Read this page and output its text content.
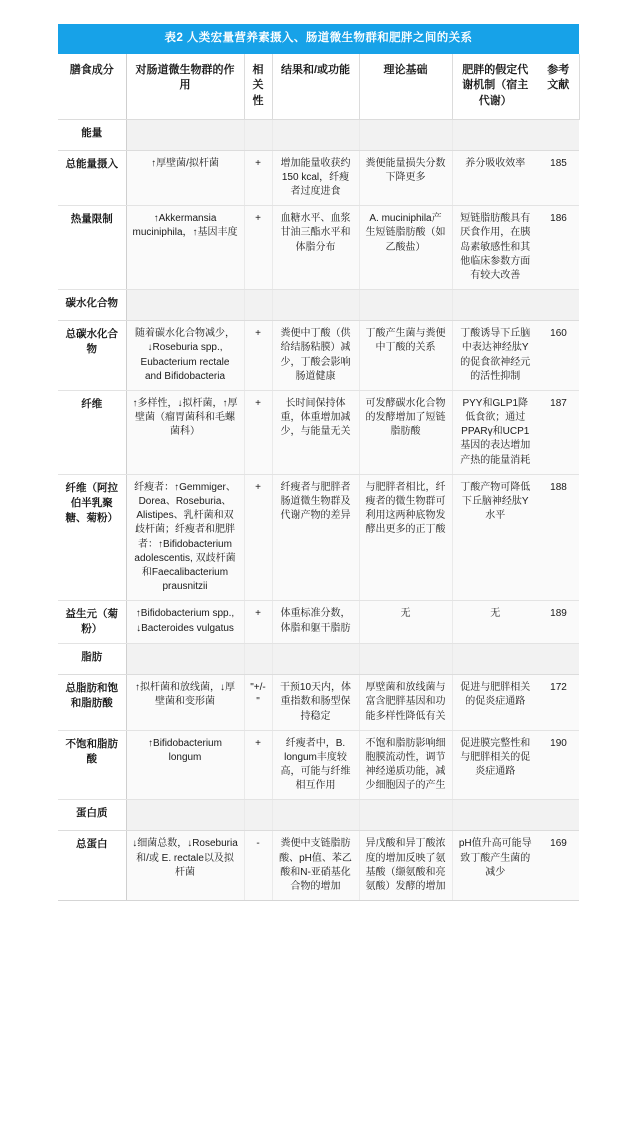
表2 人类宏量营养素摄入、肠道微生物群和肥胖之间的关系
膳食成分	对肠道微生物群的作用	相关性	结果和/或功能	理论基础	肥胖的假定代谢机制（宿主代谢）	参考文献
能量						
总能量摄入	↑厚壁菌/拟杆菌	+	增加能量收获约150 kcal，纤瘦者过度进食	粪便能量损失分数下降更多	养分吸收效率	185
热量限制	↑Akkermansia muciniphila，↑基因丰度	+	血糖水平、血浆甘油三酯水平和体脂分布	A. muciniphila产生短链脂肪酸（如乙酸盐）	短链脂肪酸具有厌食作用，在胰岛素敏感性和其他临床参数方面有较大改善	186
碳水化合物						
总碳水化合物	随着碳水化合物减少，↓Roseburia spp., Eubacterium rectale and Bifidobacteria	+	粪便中丁酸（供给结肠粘膜）减少，丁酸会影响肠道健康	丁酸产生菌与粪便中丁酸的关系	丁酸诱导下丘脑中表达神经肽Y的促食欲神经元的活性抑制	160
纤维	↑多样性，↓拟杆菌，↑厚壁菌（瘤胃菌科和毛螺菌科）	+	长时间保持体重，体重增加减少，与能量无关	可发酵碳水化合物的发酵增加了短链脂肪酸	PYY和GLP1降低食欲；通过PPARγ和UCP1基因的表达增加产热的能量消耗	187
纤维（阿拉伯半乳聚糖、菊粉）	纤瘦者：↑Gemmiger、Dorea、Roseburia、Alistipes、乳杆菌和双歧杆菌；纤瘦者和肥胖者：↑Bifidobacterium adolescentis, 双歧杆菌和Faecalibacterium prausnitzii	+	纤瘦者与肥胖者肠道微生物群及代谢产物的差异	与肥胖者相比，纤瘦者的微生物群可利用这两种底物发酵出更多的正丁酸	丁酸产物可降低下丘脑神经肽Y水平	188
益生元（菊粉）	↑Bifidobacterium spp., ↓Bacteroides vulgatus	+	体重标准分数，体脂和躯干脂肪	无	无	189
脂肪						
总脂肪和饱和脂肪酸	↑拟杆菌和放线菌，↓厚壁菌和变形菌	"+/-"	干预10天内，体重指数和肠型保持稳定	厚壁菌和放线菌与富含肥胖基因和功能多样性降低有关	促进与肥胖相关的促炎症通路	172
不饱和脂肪酸	↑Bifidobacterium longum	+	纤瘦者中，B. longum丰度较高，可能与纤维相互作用	不饱和脂肪影响细胞膜流动性，调节神经递质功能，减少细胞因子的产生	促进膜完整性和与肥胖相关的促炎症通路	190
蛋白质						
总蛋白	↓细菌总数，↓Roseburia和/或 E. rectale以及拟杆菌	-	粪便中支链脂肪酸、pH值、苯乙酸和N-亚硝基化合物的增加	异戊酸和异丁酸浓度的增加反映了氨基酸（缬氨酸和亮氨酸）发酵的增加	pH值升高可能导致丁酸产生菌的减少	169
